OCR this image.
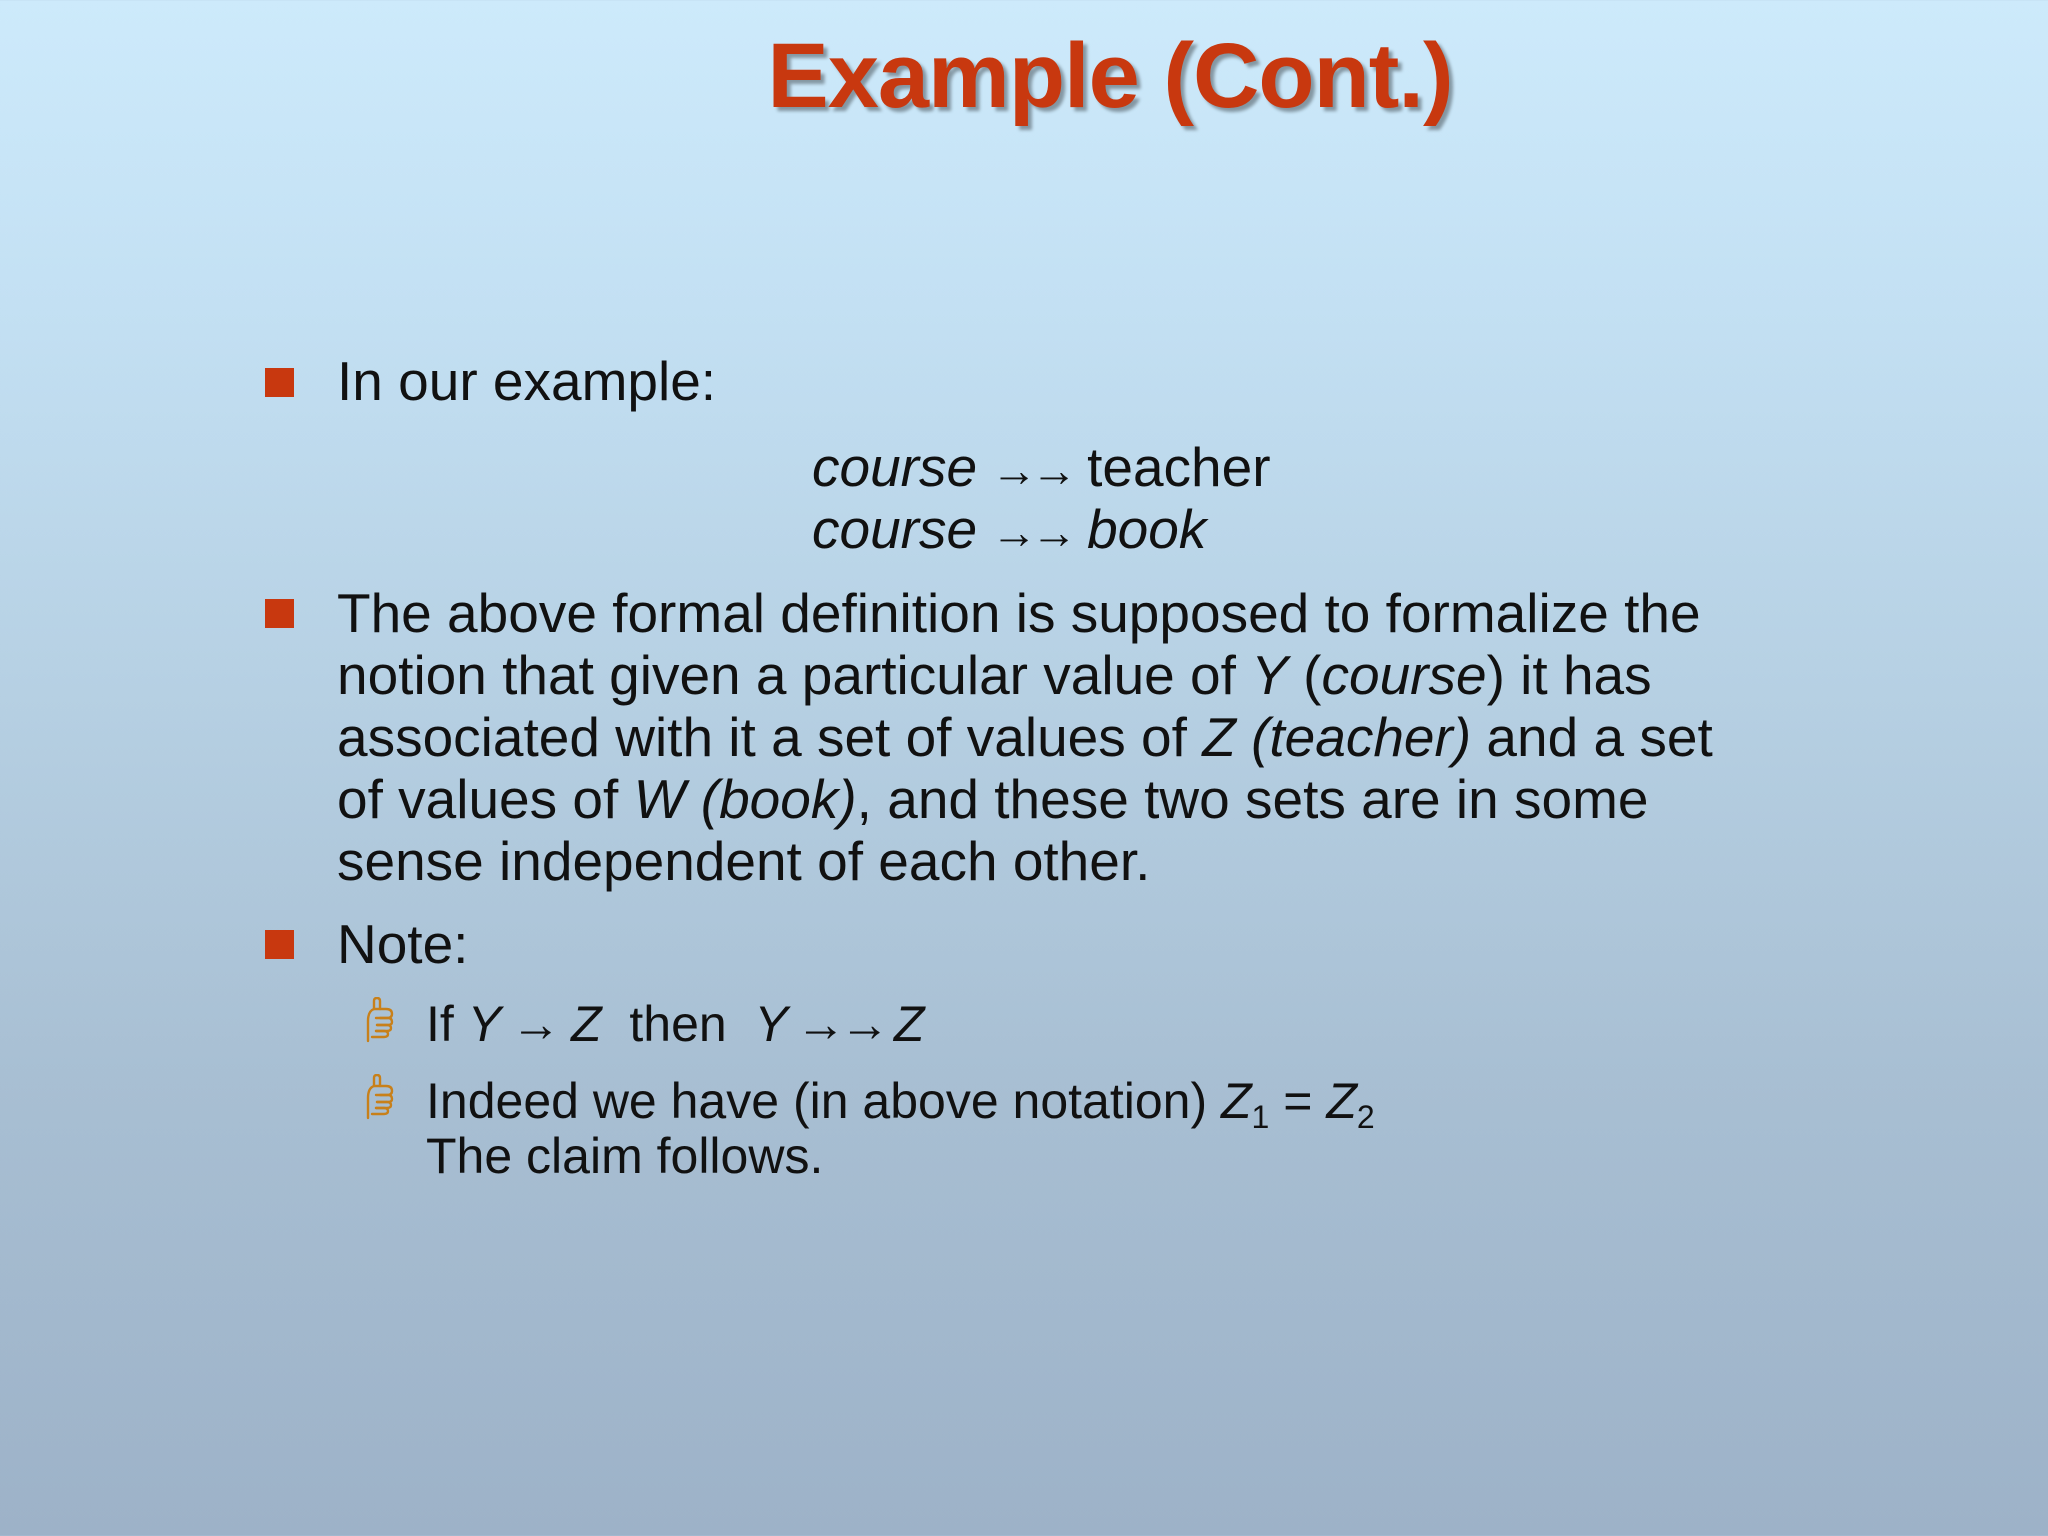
Example (Cont.)
In our example:
course →→ teacher
course →→ book
The above formal definition is supposed to formalize the
notion that given a particular value of Y (course) it has
associated with it a set of values of Z (teacher) and a set
of values of W (book), and these two sets are in some
sense independent of each other.
Note:
If Y → Z  then  Y →→ Z
Indeed we have (in above notation) $Z_1 = Z_2$
The claim follows.
